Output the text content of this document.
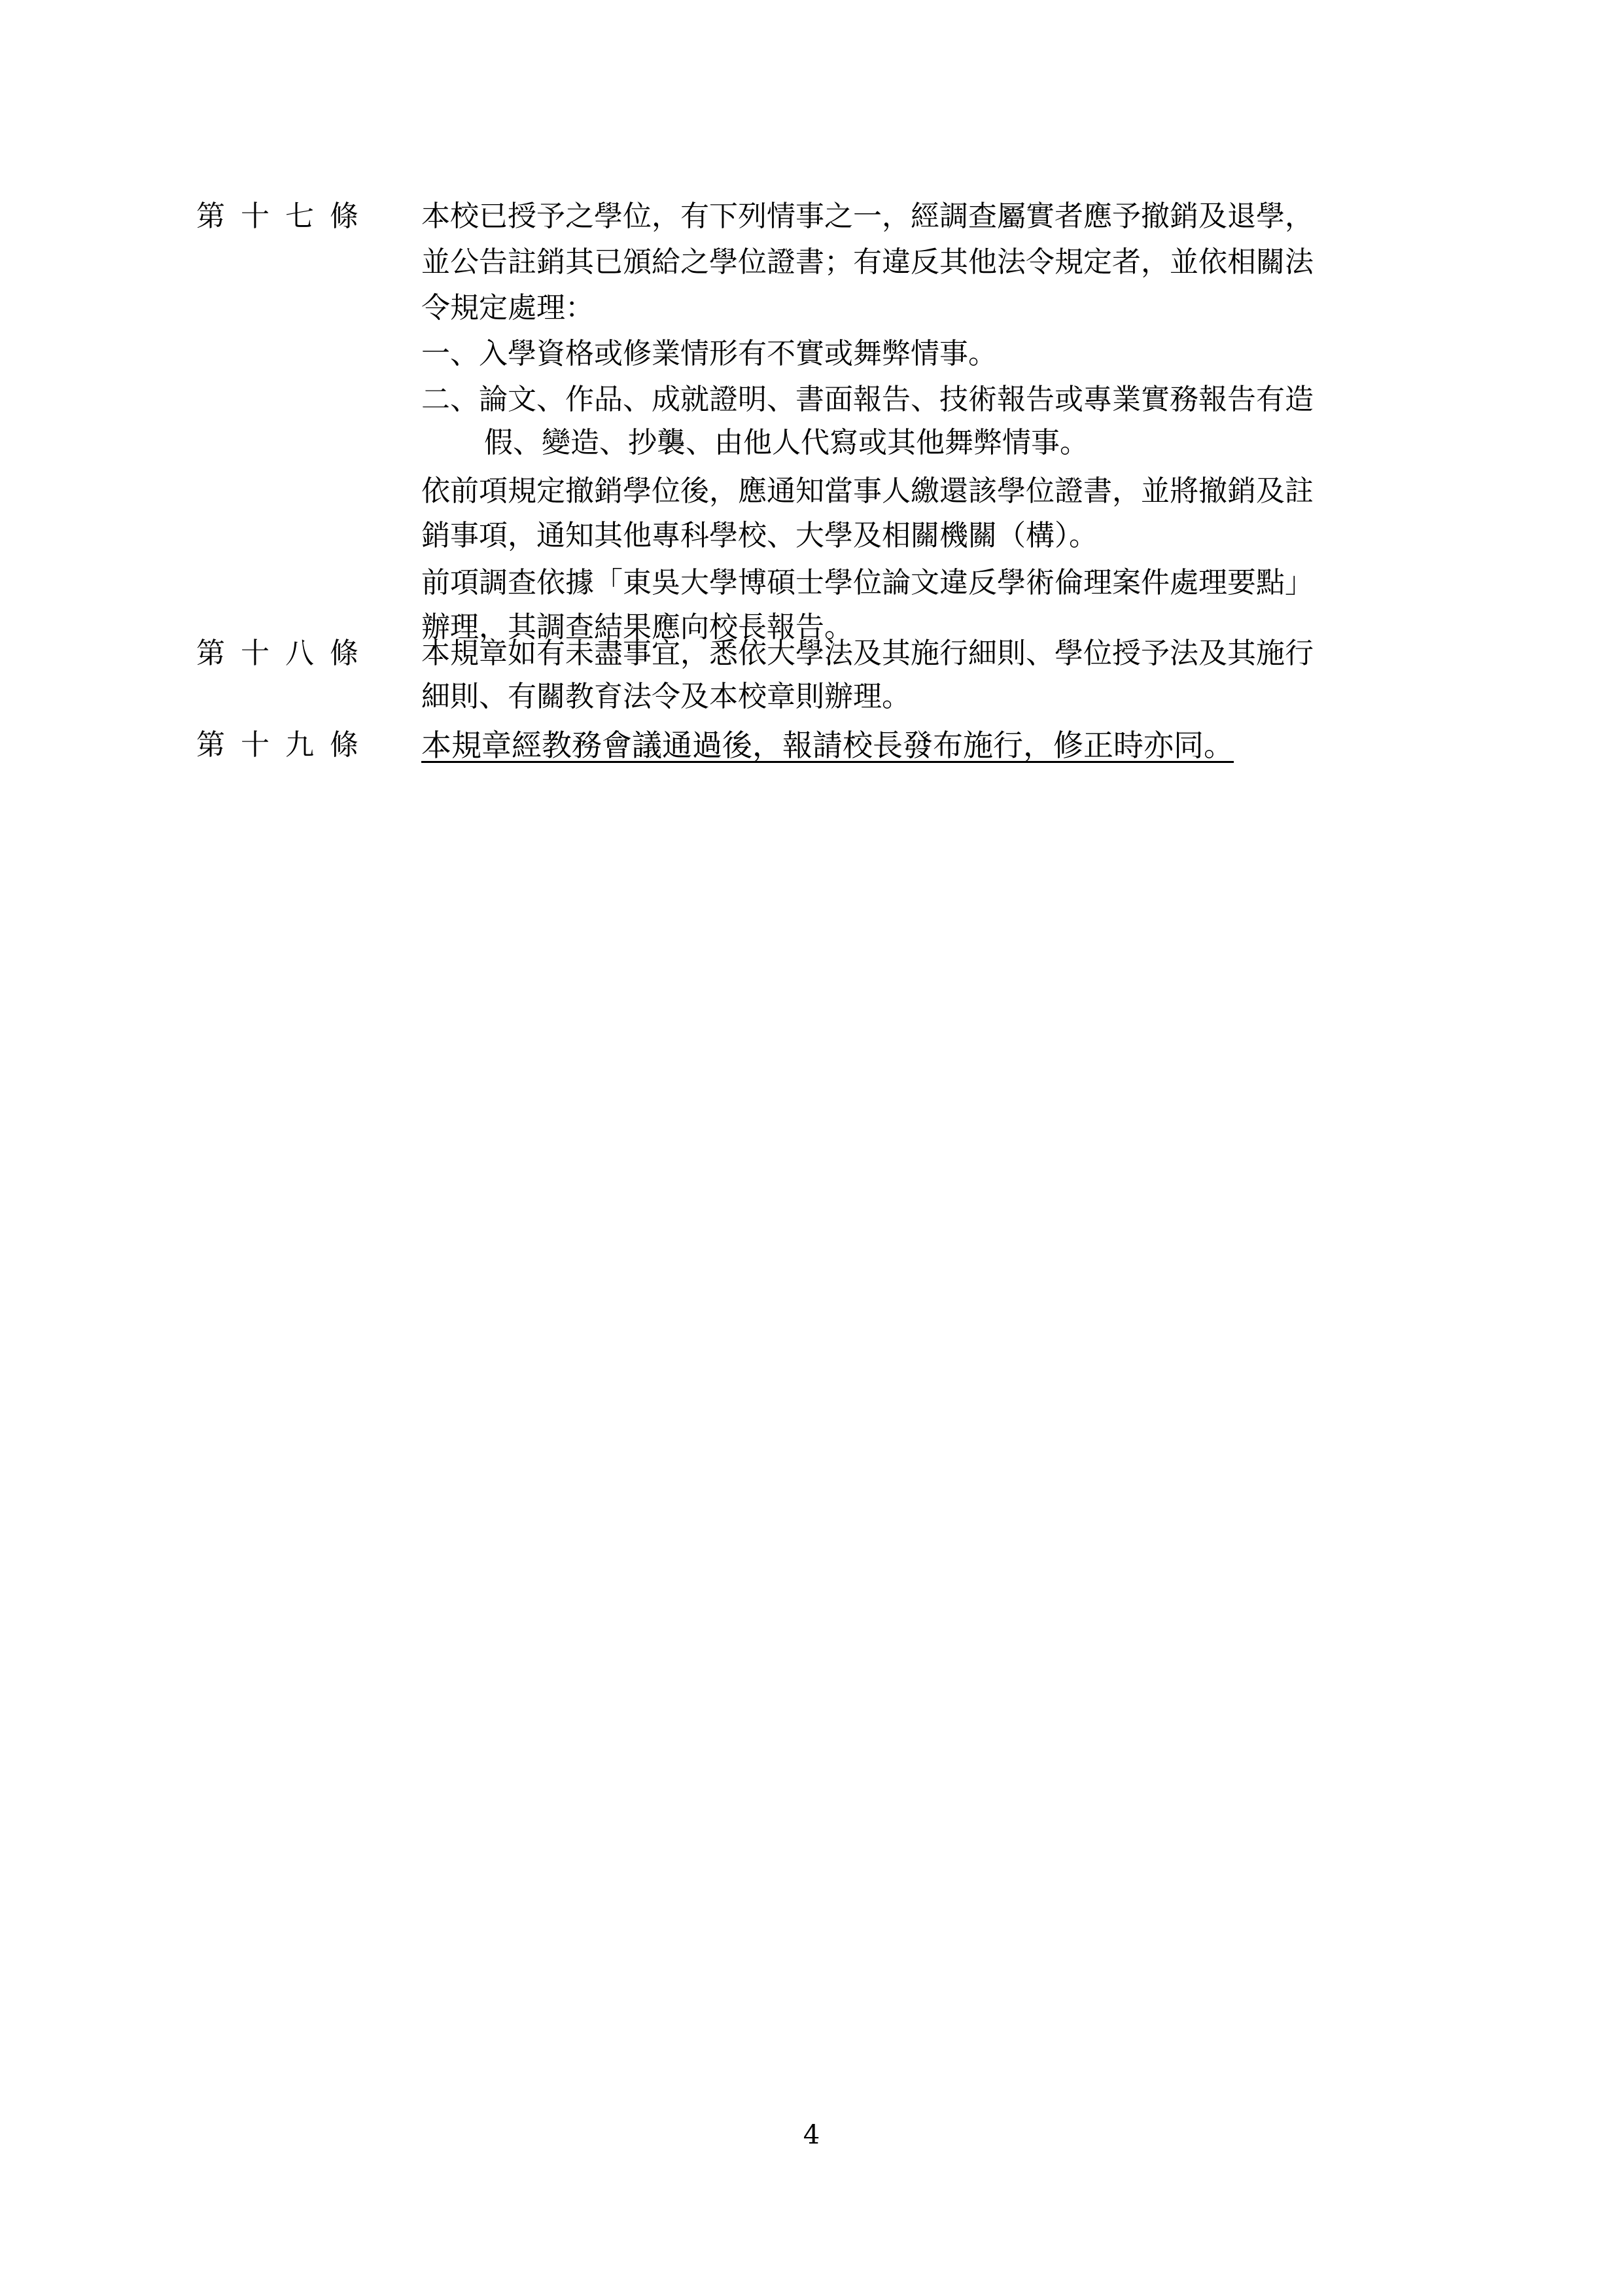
第十七條 本校已授予之學位，有下列情事之一，經調查屬實者應予撤銷及退學，
並公告註銷其已頒給之學位證書；有違反其他法令規定者，並依相關法
令規定處理：
一、入學資格或修業情形有不實或舞弊情事。
二、論文、作品、成就證明、書面報告、技術報告或專業實務報告有造
假、變造、抄襲、由他人代寫或其他舞弊情事。
依前項規定撤銷學位後，應通知當事人繳還該學位證書，並將撤銷及註
銷事項，通知其他專科學校、大學及相關機關（構）。
前項調查依據「東吳大學博碩士學位論文違反學術倫理案件處理要點」
辦理，其調查結果應向校長報告。
第十八條 本規章如有未盡事宜，悉依大學法及其施行細則、學位授予法及其施行
細則、有關教育法令及本校章則辦理。
第十九條 本規章經教務會議通過後，報請校長發布施行，修正時亦同。
4
